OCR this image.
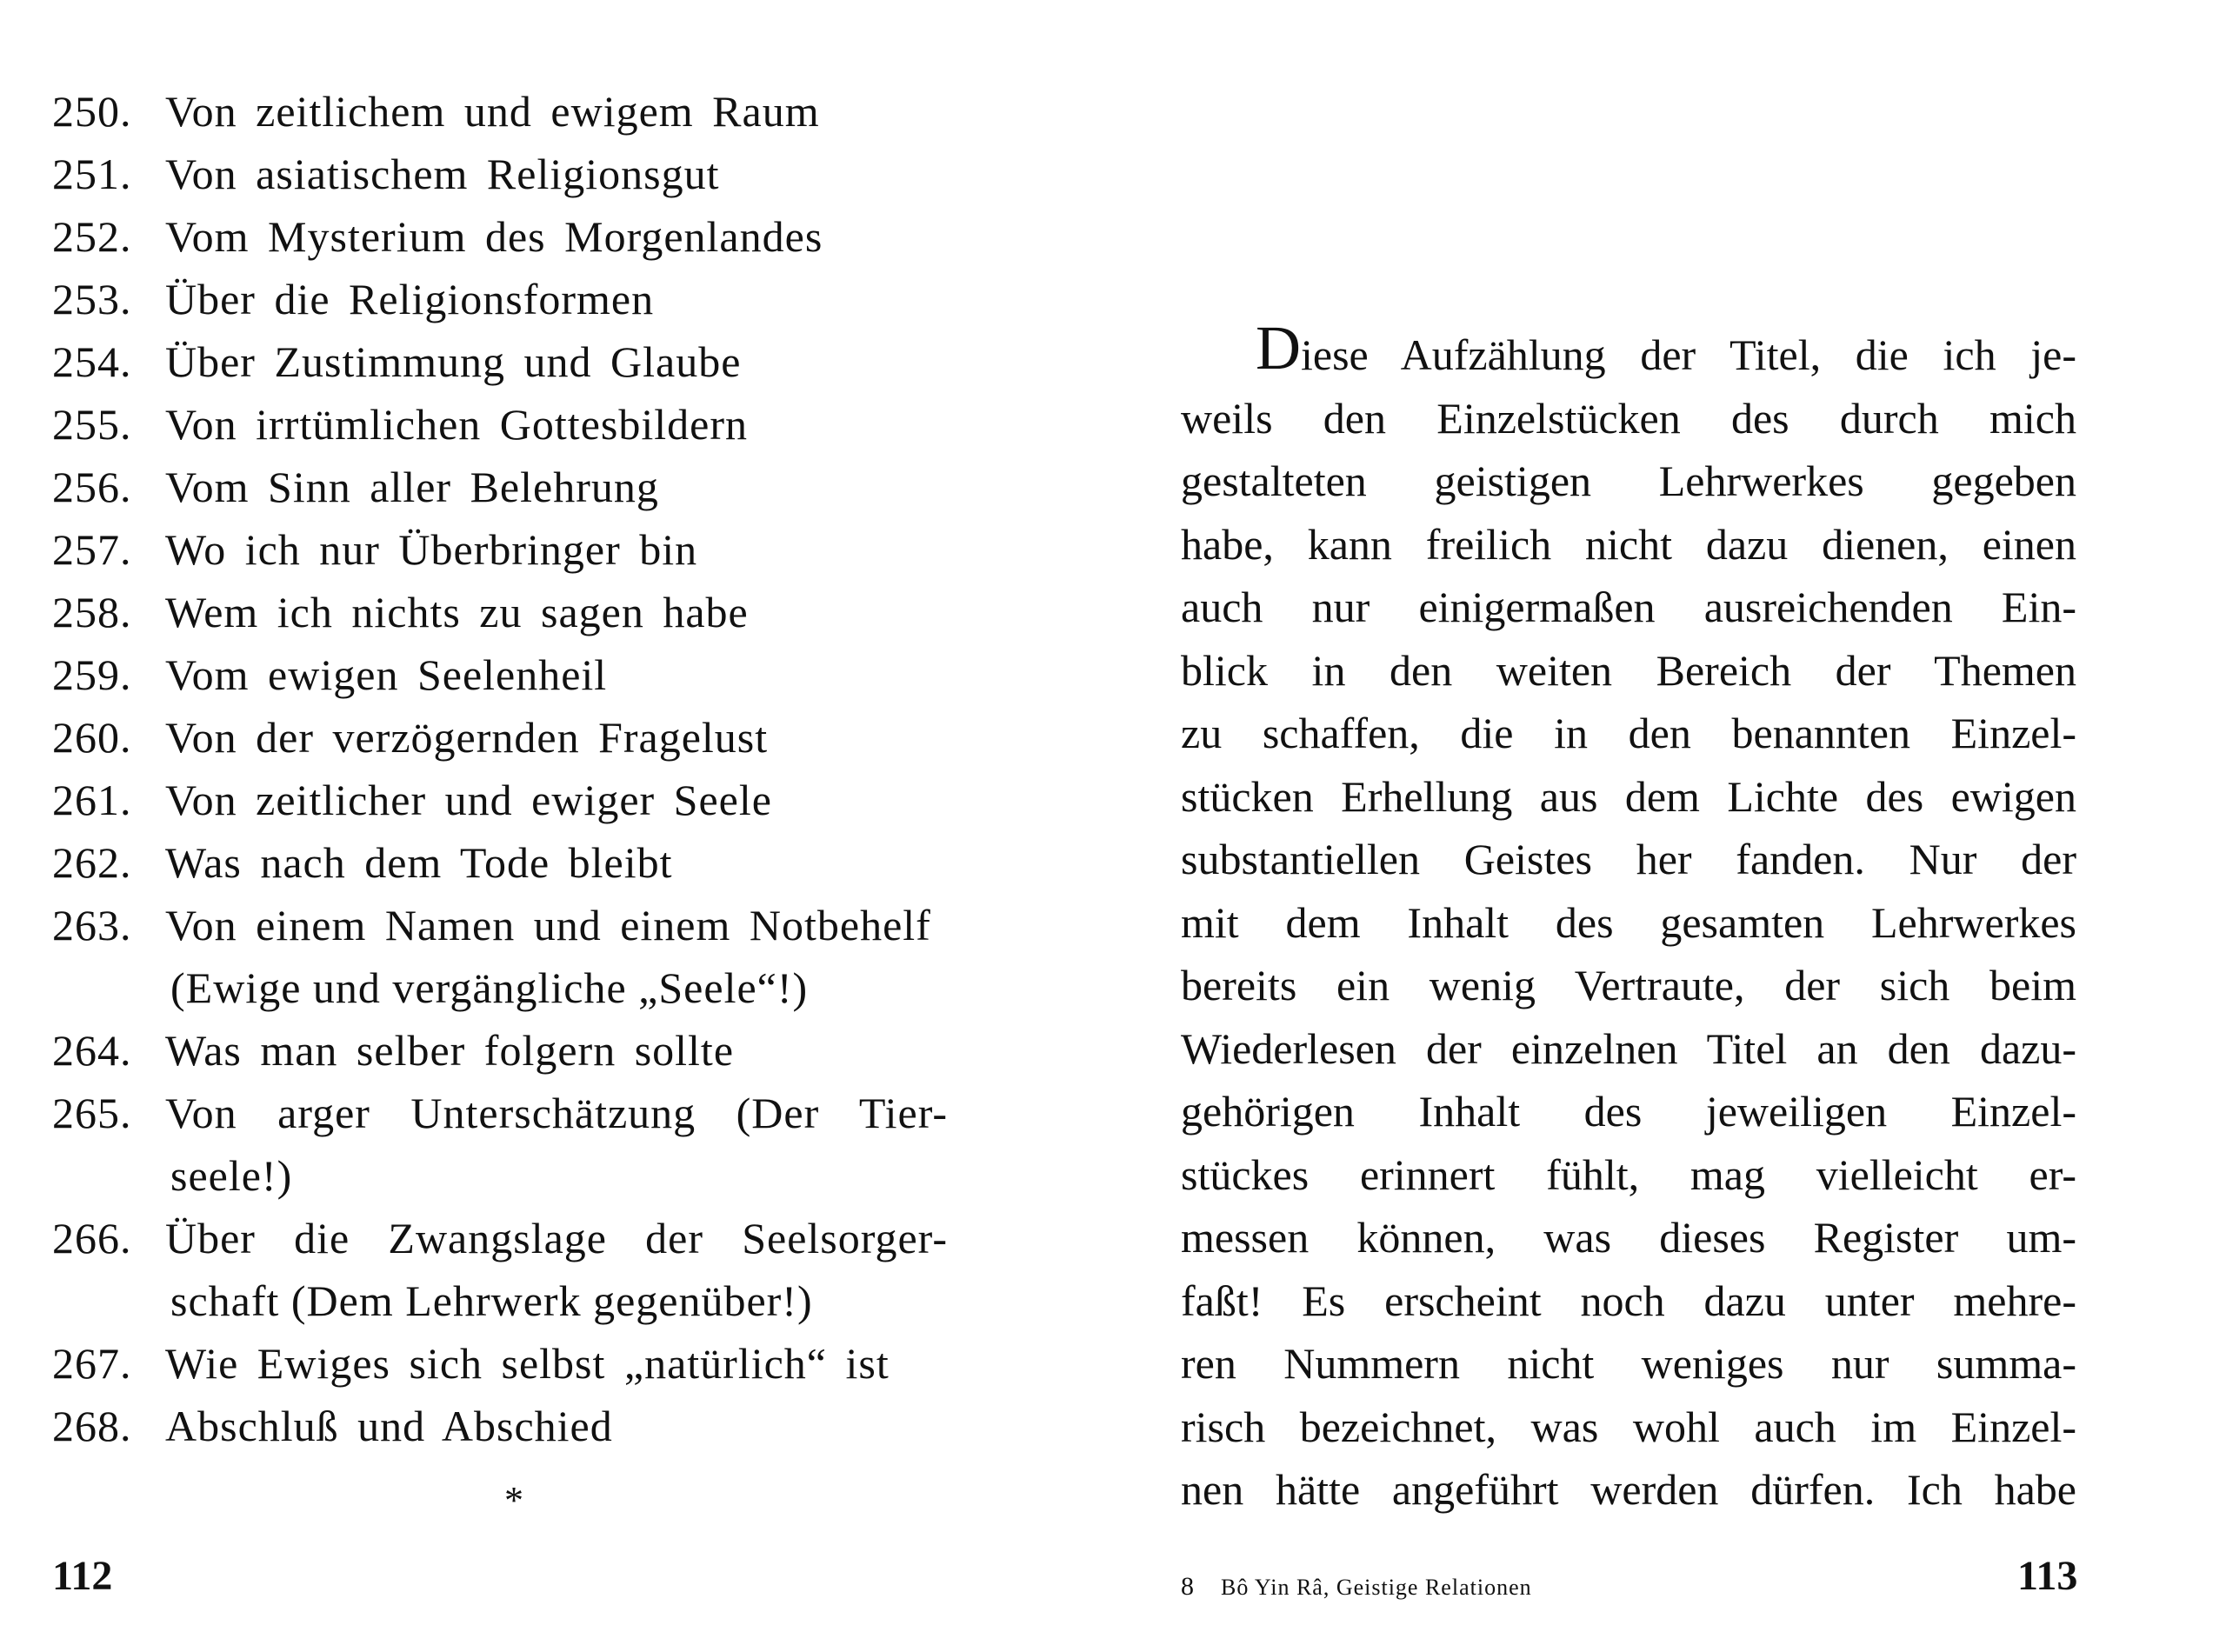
250. Von zeitlichem und ewigem Raum
251. Von asiatischem Religionsgut
252. Vom Mysterium des Morgenlandes
253. Über die Religionsformen
254. Über Zustimmung und Glaube
255. Von irrtümlichen Gottesbildern
256. Vom Sinn aller Belehrung
257. Wo ich nur Überbringer bin
258. Wem ich nichts zu sagen habe
259. Vom ewigen Seelenheil
260. Von der verzögernden Fragelust
261. Von zeitlicher und ewiger Seele
262. Was nach dem Tode bleibt
263. Von einem Namen und einem Notbehelf
(Ewige und vergängliche „Seele“!)
264. Was man selber folgern sollte
265. Von arger Unterschätzung (Der Tier-
seele!)
266. Über die Zwangslage der Seelsorger-
schaft (Dem Lehrwerk gegenüber!)
267. Wie Ewiges sich selbst „natürlich“ ist
268. Abschluß und Abschied
*
112
D iese Aufzählung der Titel, die ich je-
weils den Einzelstücken des durch mich
gestalteten geistigen Lehrwerkes gegeben
habe, kann freilich nicht dazu dienen, einen
auch nur einigermaßen ausreichenden Ein-
blick in den weiten Bereich der Themen
zu schaffen, die in den benannten Einzel-
stücken Erhellung aus dem Lichte des ewigen
substantiellen Geistes her fanden. Nur der
mit dem Inhalt des gesamten Lehrwerkes
bereits ein wenig Vertraute, der sich beim
Wiederlesen der einzelnen Titel an den dazu-
gehörigen Inhalt des jeweiligen Einzel-
stückes erinnert fühlt, mag vielleicht er-
messen können, was dieses Register um-
faßt! Es erscheint noch dazu unter mehre-
ren Nummern nicht weniges nur summa-
risch bezeichnet, was wohl auch im Einzel-
nen hätte angeführt werden dürfen. Ich habe
8 Bô Yin Râ, Geistige Relationen	113
